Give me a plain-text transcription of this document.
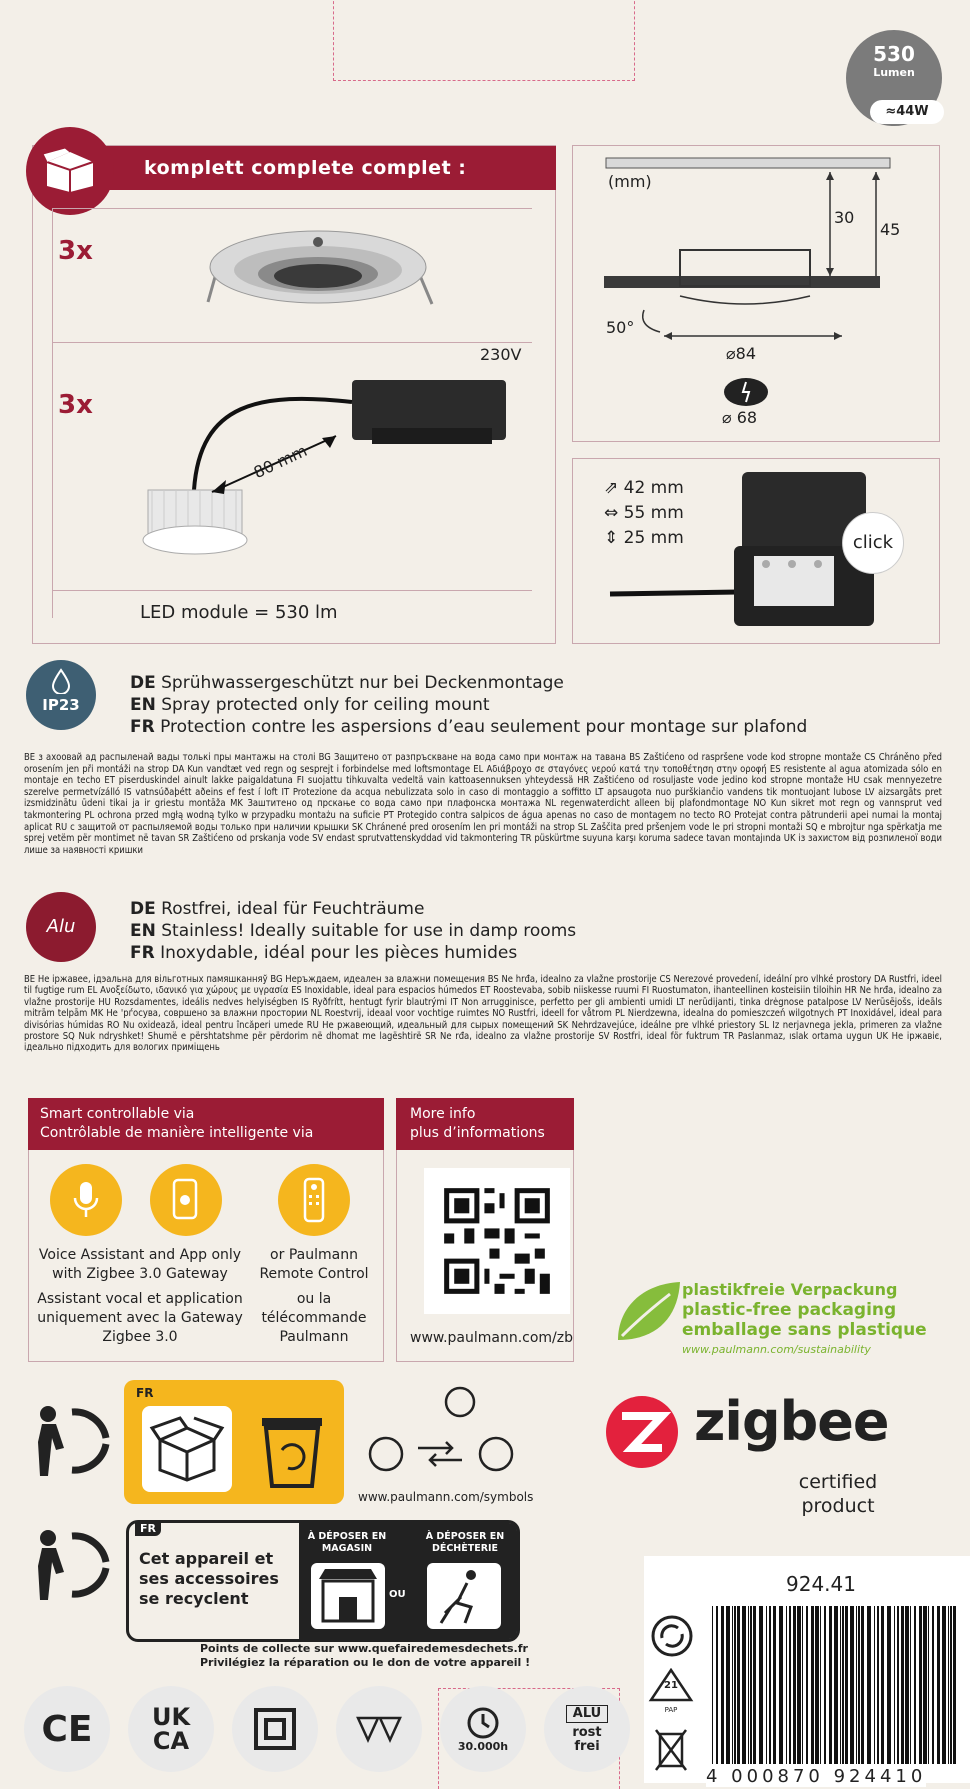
530
Lumen
≈44W
komplett complete complet :
3x
3x
230V
80 mm
LED module = 530 lm
(mm)
30
45
50°
⌀84
⌀ 68
⇗ 42 mm
⇔ 55 mm
⇕ 25 mm	click
IP23
DE Sprühwassergeschützt nur bei Deckenmontage
EN Spray protected only for ceiling mount
FR Protection contre les aspersions d’eau seulement pour montage sur plafond
BE з ахоовай ад распыленай вады толькі пры мантажы на столi BG Защитено от разпръскване на вода само при монтаж на тавана BS Zaštićeno od raspršene vode kod stropne montaže CS Chráněno před orosením jen při montáži na strop DA Kun vandtæt ved regn og sesprejt i forbindelse med loftsmontage EL Αδιάβροχο σε σταγόνες νερού κατά την τοποθέτηση στην οροφή ES resistente al agua atomizada sólo en montaje en techo ET piserduskindel ainult lakke paigaldatuna FI suojattu tihkuvalta vedeltä vain kattoasennuksen yhteydessä HR Zaštićeno od rosuljaste vode jedino kod stropne montaže HU csak mennyezetre szerelve permetvízálló IS vatnsúðaþétt aðeins ef fest í loft IT Protezione da acqua nebulizzata solo in caso di montaggio a soffitto LT apsaugota nuo purškiančio vandens tik montuojant lubose LV aizsargāts pret izsmidzinātu ūdeni tikai ja ir griestu montāža MK Заштитено од прскање со вода само при плафонска монтажа NL regenwaterdicht alleen bij plafondmontage NO Kun sikret mot regn og vannsprut ved takmontering PL ochrona przed mgłą wodną tylko w przypadku montażu na suficie PT Protegido contra salpicos de água apenas no caso de montagem no tecto RO Protejat contra pătrunderii apei numai la montaj aplicat RU с защитой от распыляемой воды только при наличии крышки SK Chránené pred orosením len pri montáži na strop SL Zaščita pred pršenjem vode le pri stropni montaži SQ e mbrojtur nga spërkatja me sprej vetëm për montimet në tavan SR Zaštićeno od prskanja vode SV endast sprutvattenskyddad vid takmontering TR püskürtme suyuna karşı koruma sadece tavan montajında UK із захистом від розпиленої води лише за наявності кришки
Alu
DE Rostfrei, ideal für Feuchträume
EN Stainless! Ideally suitable for use in damp rooms
FR Inoxydable, idéal pour les pièces humides
BE Не іржавее, ідэальна для вільготных памяшканняў BG Неръждаем, идеален за влажни помещения BS Ne hrđa, idealno za vlažne prostorije CS Nerezové provedení, ideální pro vlhké prostory DA Rustfri, ideel til fugtige rum EL Ανοξείδωτο, ιδανικό για χώρους με υγρασία ES Inoxidable, ideal para espacios húmedos ET Roostevaba, sobib niiskesse ruumi FI Ruostumaton, ihanteellinen kosteisiin tiloihin HR Ne hrđa, idealno za vlažne prostorije HU Rozsdamentes, ideális nedves helyiségben IS Ryðfrítt, hentugt fyrir blautrými IT Non arrugginisce, perfetto per gli ambienti umidi LT nerūdijanti, tinka drėgnose patalpose LV Nerūsējošs, ideāls mitrām telpām MK Не 'рѓосува, совршено за влажни простории NL Roestvrij, ideaal voor vochtige ruimtes NO Rustfri, ideell for våtrom PL Nierdzewna, idealna do pomieszczeń wilgotnych PT Inoxidável, ideal para divisórias húmidas RO Nu oxidează, ideal pentru încăperi umede RU Не ржавеющий, идеальный для сырых помещений SK Nehrdzavejúce, ideálne pre vlhké priestory SL Iz nerjavnega jekla, primeren za vlažne prostore SQ Nuk ndryshket! Shumë e përshtatshme për përdorim në dhomat me lagështirë SR Ne rđa, idealno za vlažne prostorije SV Rostfri, ideal för fuktrum TR Paslanmaz, ıslak ortama uygun UK Не іржавіє, ідеально підходить для вологих приміщень
Smart controllable via
Contrôlable de manière intelligente via
Voice Assistant and App only with Zigbee 3.0 Gateway
Assistant vocal et application uniquement avec la Gateway Zigbee 3.0
or Paulmann Remote Control
ou la télécommande Paulmann
More info
plus d’informations
www.paulmann.com/zb
plastikfreie Verpackung
plastic-free packaging
emballage sans plastique
www.paulmann.com/sustainability
zigbee
certified
product
FR
www.paulmann.com/symbols
FR
Cet appareil et ses accessoires se recyclent
À DÉPOSER EN MAGASIN
À DÉPOSER EN DÉCHÈTERIE
OU
Points de collecte sur www.quefairedemesdechets.fr
Privilégiez la réparation ou le don de votre appareil !
924.41
4 000870 924410
21
PAP
CE UK
CA	30.000h
ALU
rost
frei
